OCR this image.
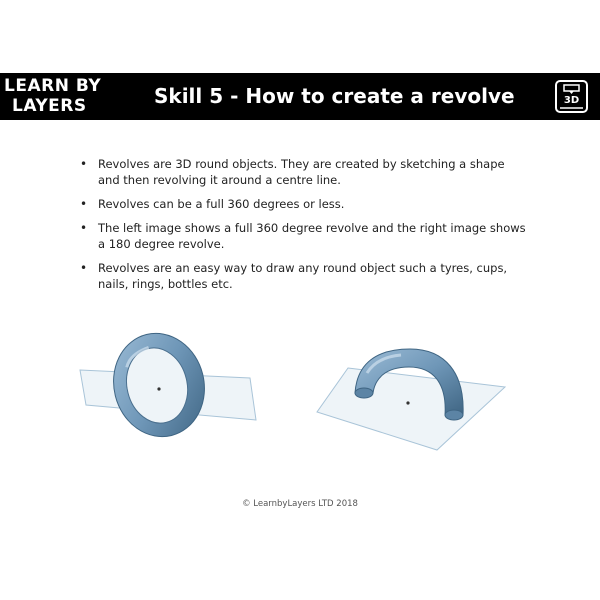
LEARN BY
LAYERS	Skill 5 - How to create a revolve	3D
• Revolves are 3D round objects. They are created by sketching a shape and then revolving it around a centre line.
• Revolves can be a full 360 degrees or less.
• The left image shows a full 360 degree revolve and the right image shows a 180 degree revolve.
• Revolves are an easy way to draw any round object such a tyres, cups, nails, rings, bottles etc.
© LearnbyLayers LTD 2018
